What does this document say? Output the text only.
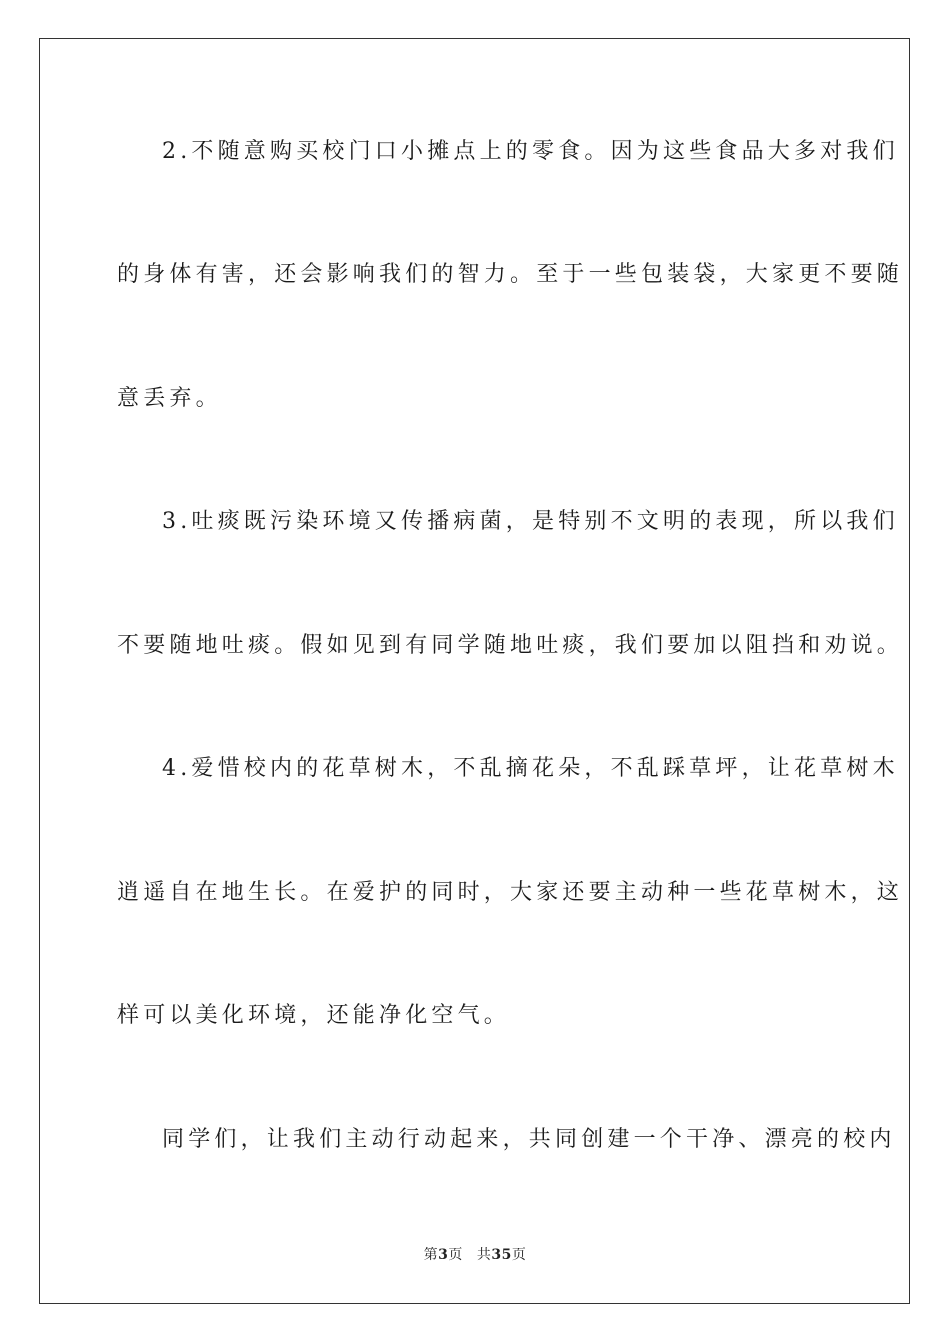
2.不随意购买校门口小摊点上的零食。因为这些食品大多对我们
的身体有害，还会影响我们的智力。至于一些包装袋，大家更不要随
意丢弃。
3.吐痰既污染环境又传播病菌，是特别不文明的表现，所以我们
不要随地吐痰。假如见到有同学随地吐痰，我们要加以阻挡和劝说。
4.爱惜校内的花草树木，不乱摘花朵，不乱踩草坪，让花草树木
逍遥自在地生长。在爱护的同时，大家还要主动种一些花草树木，这
样可以美化环境，还能净化空气。
同学们，让我们主动行动起来，共同创建一个干净、漂亮的校内
第3页 共35页
